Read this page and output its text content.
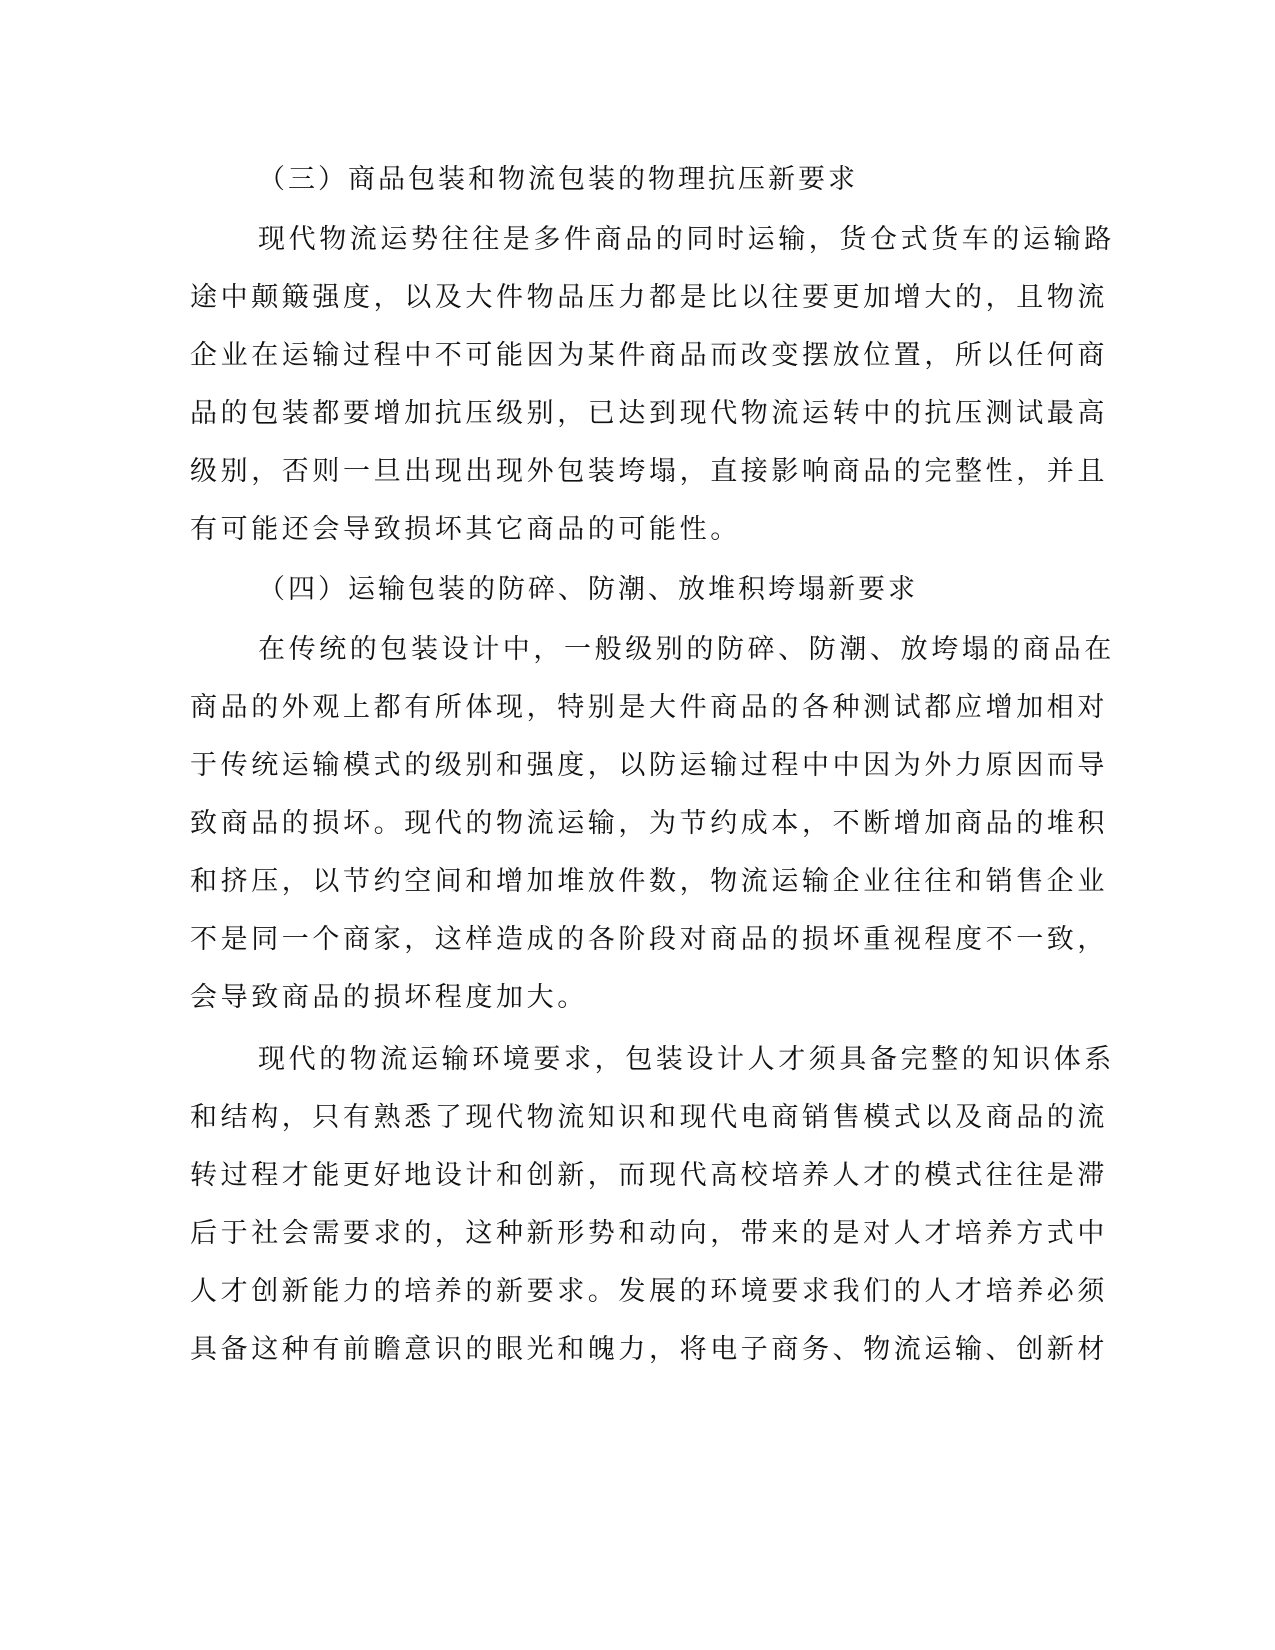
（三）商品包装和物流包装的物理抗压新要求
现代物流运势往往是多件商品的同时运输，货仓式货车的运输路
途中颠簸强度，以及大件物品压力都是比以往要更加增大的，且物流
企业在运输过程中不可能因为某件商品而改变摆放位置，所以任何商
品的包装都要增加抗压级别，已达到现代物流运转中的抗压测试最高
级别，否则一旦出现出现外包装垮塌，直接影响商品的完整性，并且
有可能还会导致损坏其它商品的可能性。
（四）运输包装的防碎、防潮、放堆积垮塌新要求
在传统的包装设计中，一般级别的防碎、防潮、放垮塌的商品在
商品的外观上都有所体现，特别是大件商品的各种测试都应增加相对
于传统运输模式的级别和强度，以防运输过程中中因为外力原因而导
致商品的损坏。现代的物流运输，为节约成本，不断增加商品的堆积
和挤压，以节约空间和增加堆放件数，物流运输企业往往和销售企业
不是同一个商家，这样造成的各阶段对商品的损坏重视程度不一致，
会导致商品的损坏程度加大。
现代的物流运输环境要求，包装设计人才须具备完整的知识体系
和结构，只有熟悉了现代物流知识和现代电商销售模式以及商品的流
转过程才能更好地设计和创新，而现代高校培养人才的模式往往是滞
后于社会需要求的，这种新形势和动向，带来的是对人才培养方式中
人才创新能力的培养的新要求。发展的环境要求我们的人才培养必须
具备这种有前瞻意识的眼光和魄力，将电子商务、物流运输、创新材
